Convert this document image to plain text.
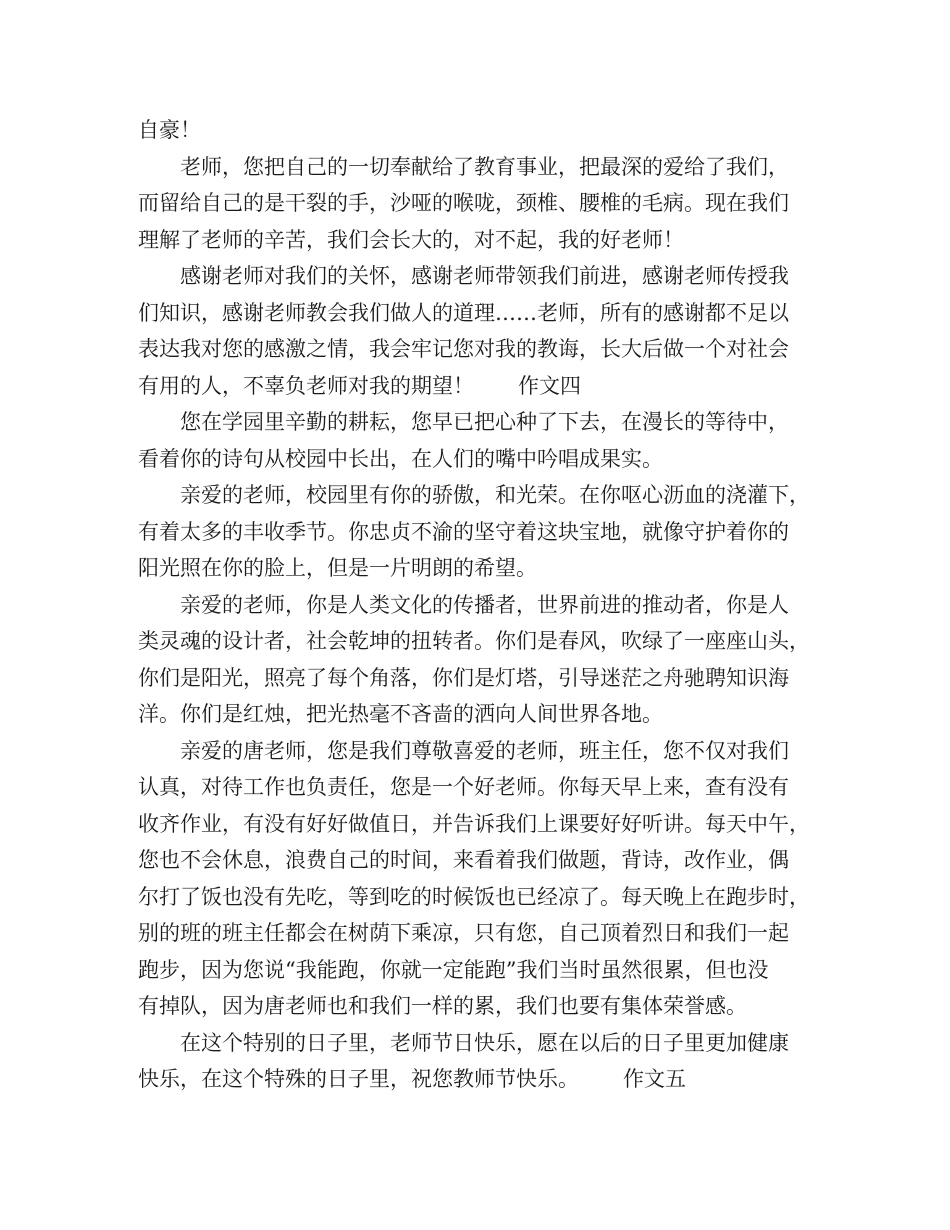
自豪！
老师，您把自己的一切奉献给了教育事业，把最深的爱给了我们，
而留给自己的是干裂的手，沙哑的喉咙，颈椎、腰椎的毛病。现在我们
理解了老师的辛苦，我们会长大的，对不起，我的好老师！
感谢老师对我们的关怀，感谢老师带领我们前进，感谢老师传授我
们知识，感谢老师教会我们做人的道理……老师，所有的感谢都不足以
表达我对您的感激之情，我会牢记您对我的教诲，长大后做一个对社会
有用的人，不辜负老师对我的期望！ 作文四
您在学园里辛勤的耕耘，您早已把心种了下去，在漫长的等待中，
看着你的诗句从校园中长出，在人们的嘴中吟唱成果实。
亲爱的老师，校园里有你的骄傲，和光荣。在你呕心沥血的浇灌下，
有着太多的丰收季节。你忠贞不渝的坚守着这块宝地，就像守护着你的
阳光照在你的脸上，但是一片明朗的希望。
亲爱的老师，你是人类文化的传播者，世界前进的推动者，你是人
类灵魂的设计者，社会乾坤的扭转者。你们是春风，吹绿了一座座山头，
你们是阳光，照亮了每个角落，你们是灯塔，引导迷茫之舟驰聘知识海
洋。你们是红烛，把光热毫不吝啬的洒向人间世界各地。
亲爱的唐老师，您是我们尊敬喜爱的老师，班主任，您不仅对我们
认真，对待工作也负责任，您是一个好老师。你每天早上来，查有没有
收齐作业，有没有好好做值日，并告诉我们上课要好好听讲。每天中午，
您也不会休息，浪费自己的时间，来看着我们做题，背诗，改作业，偶
尔打了饭也没有先吃，等到吃的时候饭也已经凉了。每天晚上在跑步时，
别的班的班主任都会在树荫下乘凉，只有您，自己顶着烈日和我们一起
跑步，因为您说“我能跑，你就一定能跑”我们当时虽然很累，但也没
有掉队，因为唐老师也和我们一样的累，我们也要有集体荣誉感。
在这个特别的日子里，老师节日快乐，愿在以后的日子里更加健康
快乐，在这个特殊的日子里，祝您教师节快乐。 作文五
